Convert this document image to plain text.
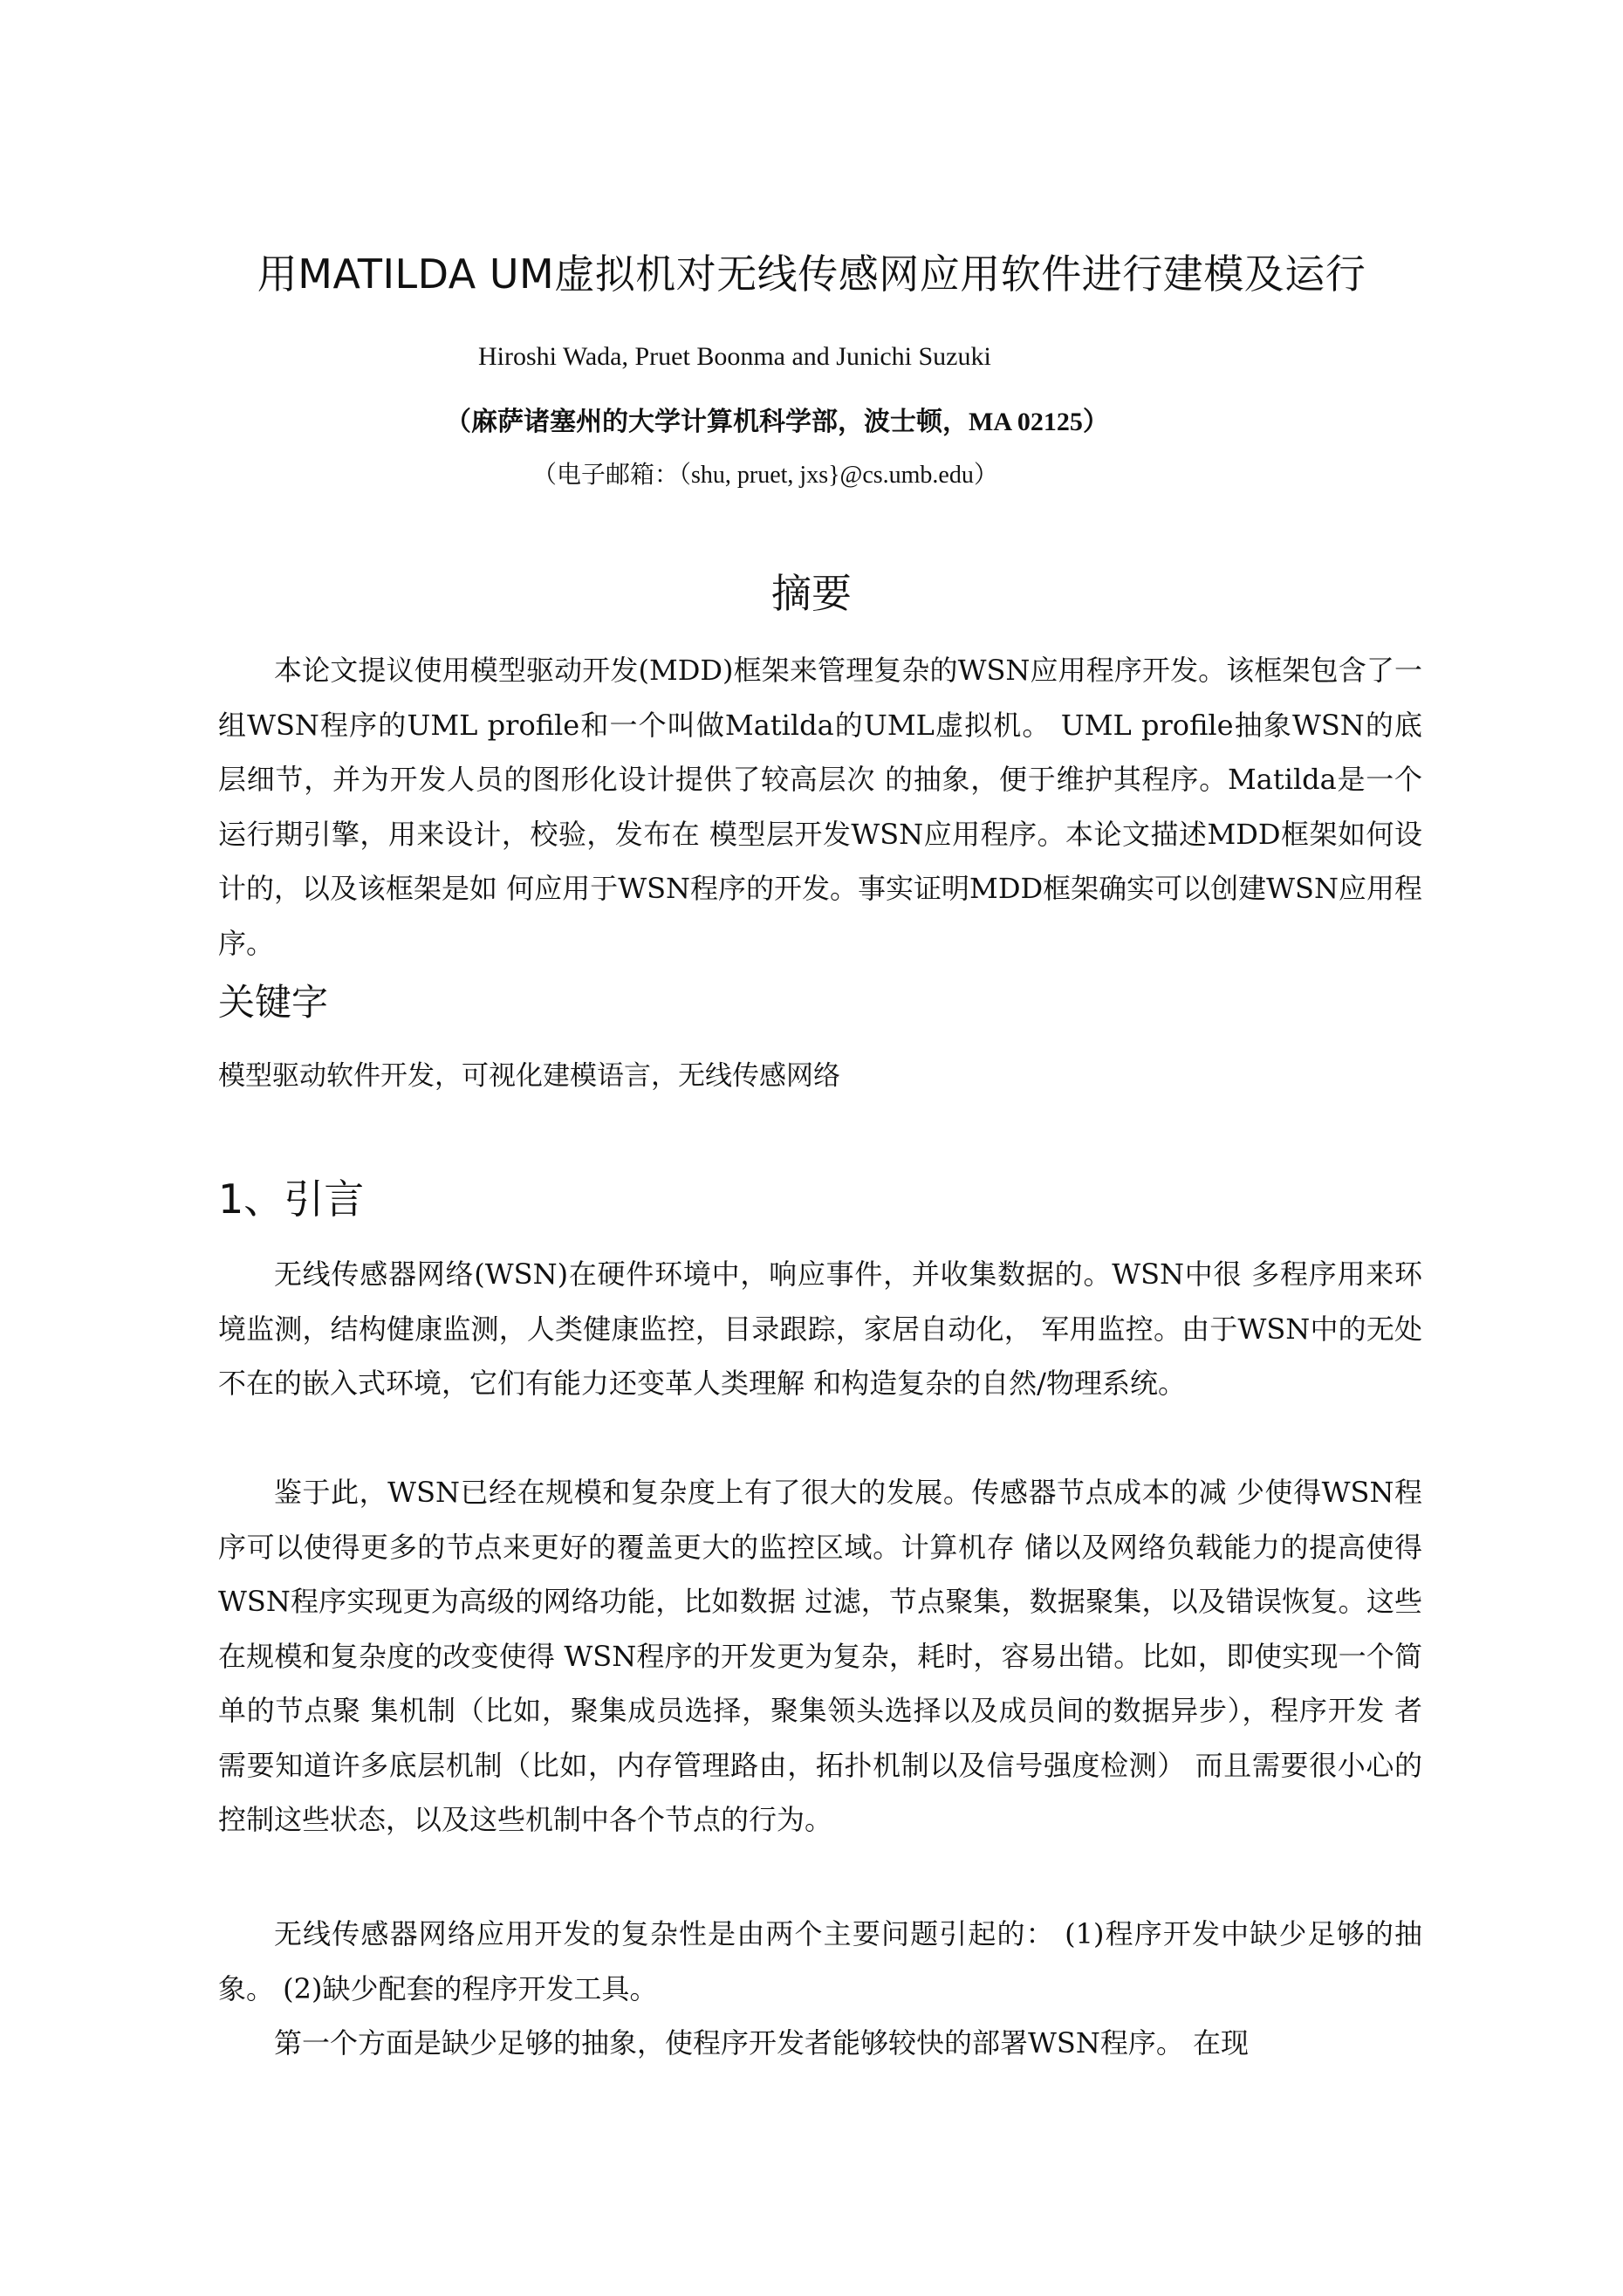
用MATILDA UM虚拟机对无线传感网应用软件进行建模及运行

Hiroshi Wada, Pruet Boonma and Junichi Suzuki

（麻萨诸塞州的大学计算机科学部，波士顿，MA 02125）

（电子邮箱：（shu, pruet, jxs}@cs.umb.edu）

摘要

本论文提议使用模型驱动开发(MDD)框架来管理复杂的WSN应用程序开发。该框架包含了一组WSN程序的UML profile和一个叫做Matilda的UML虚拟机。 UML profile抽象WSN的底层细节，并为开发人员的图形化设计提供了较高层次 的抽象，便于维护其程序。Matilda是一个运行期引擎，用来设计，校验，发布在 模型层开发WSN应用程序。本论文描述MDD框架如何设计的，以及该框架是如 何应用于WSN程序的开发。事实证明MDD框架确实可以创建WSN应用程序。

关键字

模型驱动软件开发，可视化建模语言，无线传感网络

1、引言

无线传感器网络(WSN)在硬件环境中，响应事件，并收集数据的。WSN中很 多程序用来环境监测，结构健康监测，人类健康监控，目录跟踪，家居自动化， 军用监控。由于WSN中的无处不在的嵌入式环境，它们有能力还变革人类理解 和构造复杂的自然/物理系统。

鉴于此，WSN已经在规模和复杂度上有了很大的发展。传感器节点成本的减 少使得WSN程序可以使得更多的节点来更好的覆盖更大的监控区域。计算机存 储以及网络负载能力的提高使得WSN程序实现更为高级的网络功能，比如数据 过滤，节点聚集，数据聚集，以及错误恢复。这些在规模和复杂度的改变使得 WSN程序的开发更为复杂，耗时，容易出错。比如，即使实现一个简单的节点聚 集机制（比如，聚集成员选择，聚集领头选择以及成员间的数据异步），程序开发 者需要知道许多底层机制（比如，内存管理路由，拓扑机制以及信号强度检测） 而且需要很小心的控制这些状态，以及这些机制中各个节点的行为。

无线传感器网络应用开发的复杂性是由两个主要问题引起的： (1)程序开发中缺少足够的抽象。 (2)缺少配套的程序开发工具。

第一个方面是缺少足够的抽象，使程序开发者能够较快的部署WSN程序。 在现
